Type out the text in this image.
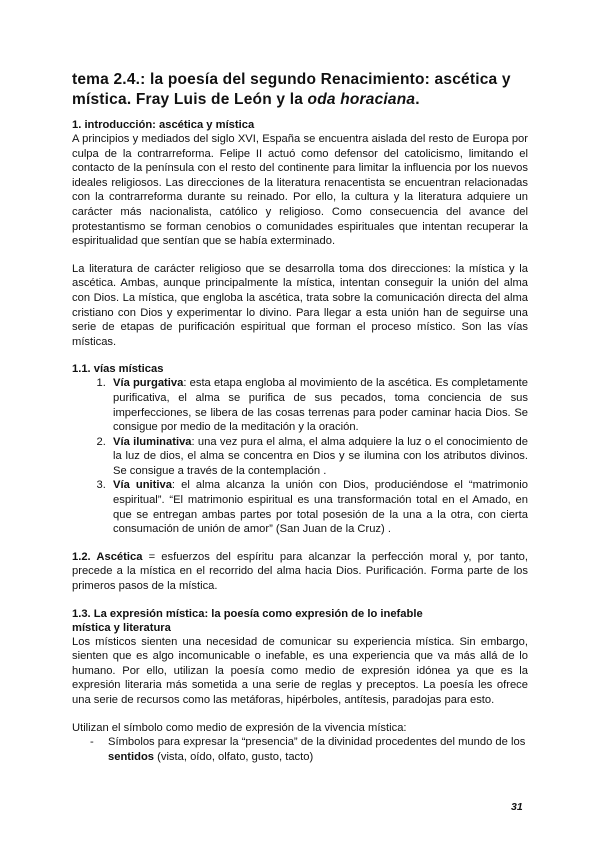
tema 2.4.: la poesía del segundo Renacimiento: ascética y mística. Fray Luis de León y la oda horaciana.
1. introducción: ascética y mística

A principios y mediados del siglo XVI, España se encuentra aislada del resto de Europa por culpa de la contrarreforma. Felipe II actuó como defensor del catolicismo, limitando el contacto de la península con el resto del continente para limitar la influencia por los nuevos ideales religiosos. Las direcciones de la literatura renacentista se encuentran relacionadas con la contrarreforma durante su reinado. Por ello, la cultura y la literatura adquiere un carácter más nacionalista, católico y religioso. Como consecuencia del avance del protestantismo se forman cenobios o comunidades espirituales que intentan recuperar la espiritualidad que sentían que se había exterminado.

La literatura de carácter religioso que se desarrolla toma dos direcciones: la mística y la ascética. Ambas, aunque principalmente la mística, intentan conseguir la unión del alma con Dios. La mística, que engloba la ascética, trata sobre la comunicación directa del alma cristiano con Dios y experimentar lo divino. Para llegar a esta unión han de seguirse una serie de etapas de purificación espiritual que forman el proceso místico. Son las vías místicas.

1.1. vías místicas
1. Vía purgativa: esta etapa engloba al movimiento de la ascética. Es completamente purificativa, el alma se purifica de sus pecados, toma conciencia de sus imperfecciones, se libera de las cosas terrenas para poder caminar hacia Dios. Se consigue por medio de la meditación y la oración.
2. Vía iluminativa: una vez pura el alma, el alma adquiere la luz o el conocimiento de la luz de dios, el alma se concentra en Dios y se ilumina con los atributos divinos. Se consigue a través de la contemplación .
3. Vía unitiva: el alma alcanza la unión con Dios, produciéndose el “matrimonio espiritual”. “El matrimonio espiritual es una transformación total en el Amado, en que se entregan ambas partes por total posesión de la una a la otra, con cierta consumación de unión de amor” (San Juan de la Cruz) .

1.2. Ascética = esfuerzos del espíritu para alcanzar la perfección moral y, por tanto, precede a la mística en el recorrido del alma hacia Dios. Purificación. Forma parte de los primeros pasos de la mística.

1.3. La expresión mística: la poesía como expresión de lo inefable
mística y literatura

Los místicos sienten una necesidad de comunicar su experiencia mística. Sin embargo, sienten que es algo incomunicable o inefable, es una experiencia que va más allá de lo humano. Por ello, utilizan la poesía como medio de expresión idónea ya que es la expresión literaria más sometida a una serie de reglas y preceptos. La poesía les ofrece una serie de recursos como las metáforas, hipérboles, antítesis, paradojas para esto.

Utilizan el símbolo como medio de expresión de la vivencia mística:

- Símbolos para expresar la “presencia” de la divinidad procedentes del mundo de los sentidos (vista, oído, olfato, gusto, tacto)
31
